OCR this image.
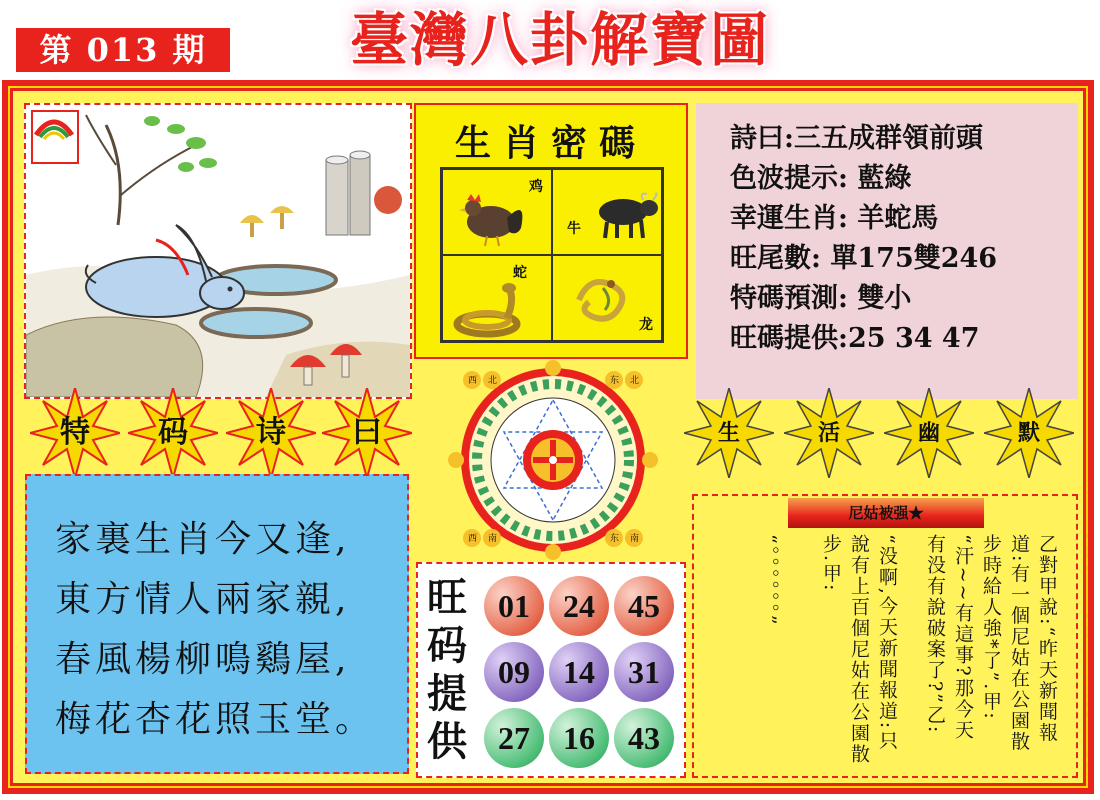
第 013 期	臺灣八卦解寶圖
特	码	诗	曰
家裏生肖今又逢,
東方情人兩家親,
春風楊柳鳴鷄屋,
梅花杏花照玉堂。
生肖密碼
鸡
牛
蛇
龙
西 北	东 北
西 南	东 南
詩曰:三五成群領前頭
色波提示: 藍綠
幸運生肖: 羊蛇馬
旺尾數: 單175雙246
特碼預測: 雙小
旺碼提供:25 34 47
生	活	幽	默
旺码提供
01	24	45
09	14	31
27	16	43
尼姑被强★
乙對甲說:“昨天新聞報
道:有一個尼姑在公園散
步時給人強*了”.甲:
“汗~~有這事?那今天
有没有說破案了?”乙:
“没啊,今天新聞報道:只
說有上百個尼姑在公園散
步.甲:
“。。。。。。”
